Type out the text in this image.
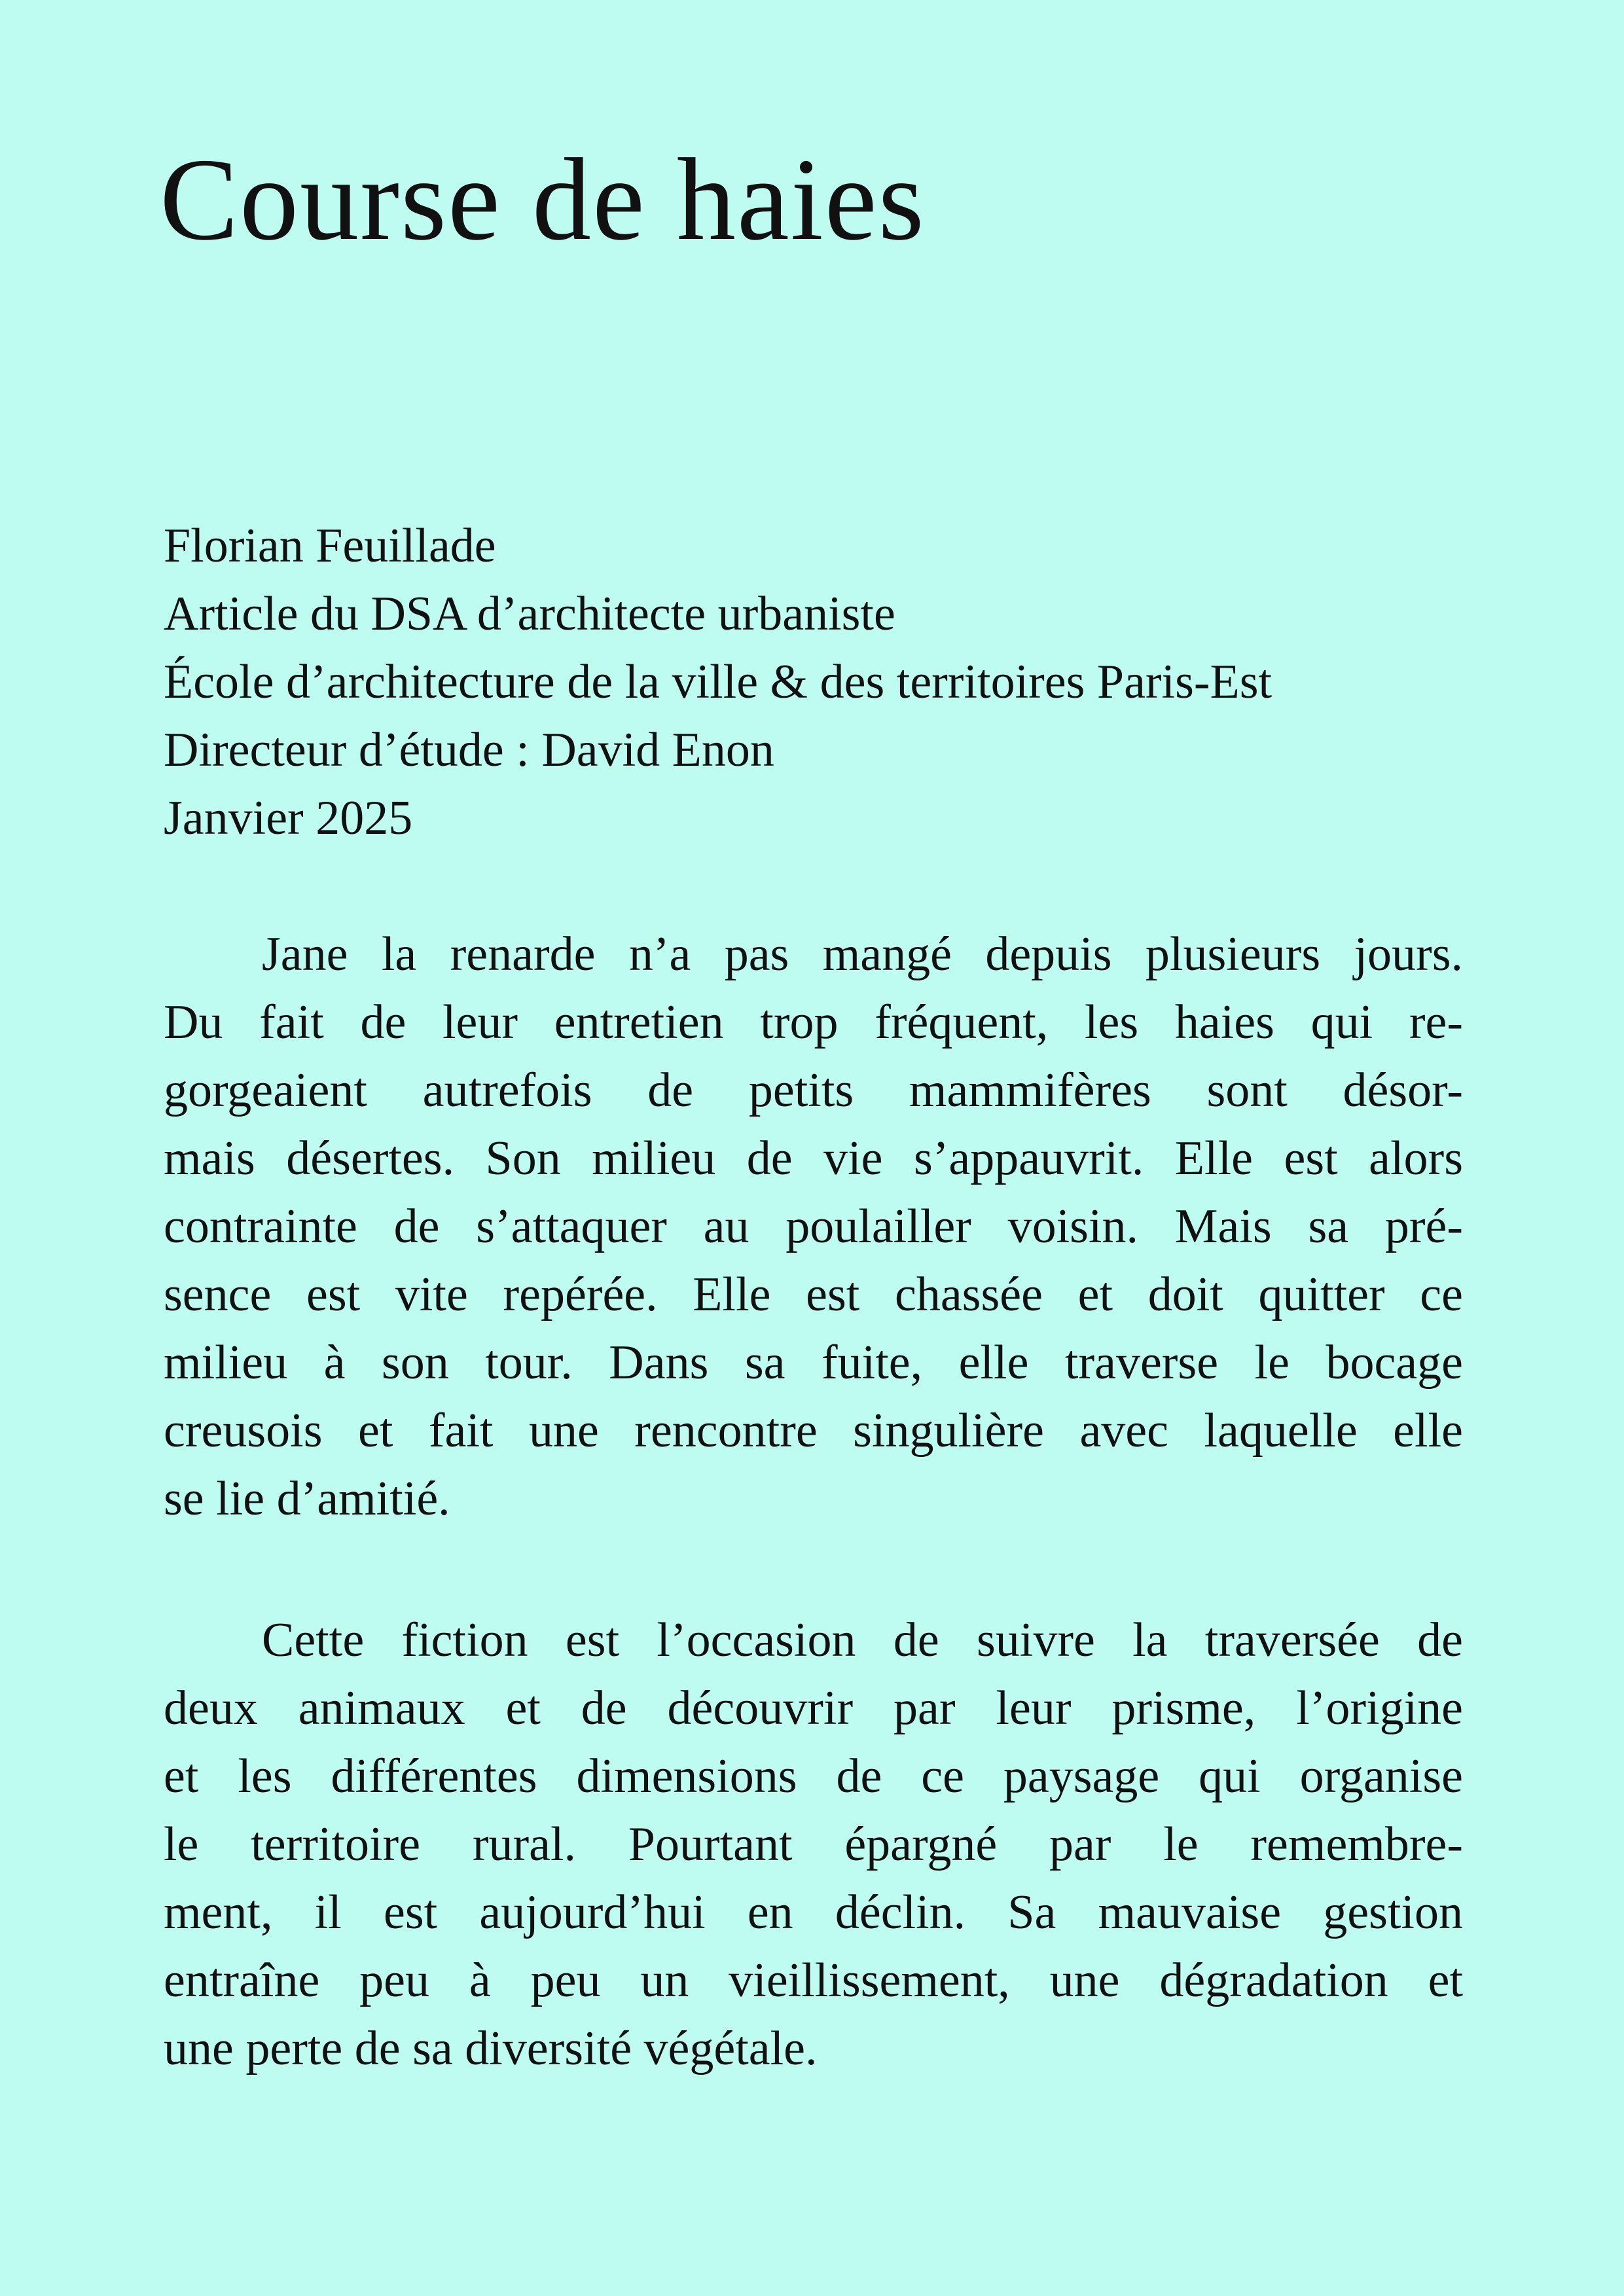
Course de haies
Florian Feuillade
Article du DSA d’architecte urbaniste
École d’architecture de la ville & des territoires Paris-Est
Directeur d’étude : David Enon
Janvier 2025
Jane la renarde n’a pas mangé depuis plusieurs jours.
Du fait de leur entretien trop fréquent, les haies qui re-
gorgeaient autrefois de petits mammifères sont désor-
mais désertes. Son milieu de vie s’appauvrit. Elle est alors
contrainte de s’attaquer au poulailler voisin. Mais sa pré-
sence est vite repérée. Elle est chassée et doit quitter ce
milieu à son tour. Dans sa fuite, elle traverse le bocage
creusois et fait une rencontre singulière avec laquelle elle
se lie d’amitié.
Cette fiction est l’occasion de suivre la traversée de
deux animaux et de découvrir par leur prisme, l’origine
et les différentes dimensions de ce paysage qui organise
le territoire rural. Pourtant épargné par le remembre-
ment, il est aujourd’hui en déclin. Sa mauvaise gestion
entraîne peu à peu un vieillissement, une dégradation et
une perte de sa diversité végétale.
